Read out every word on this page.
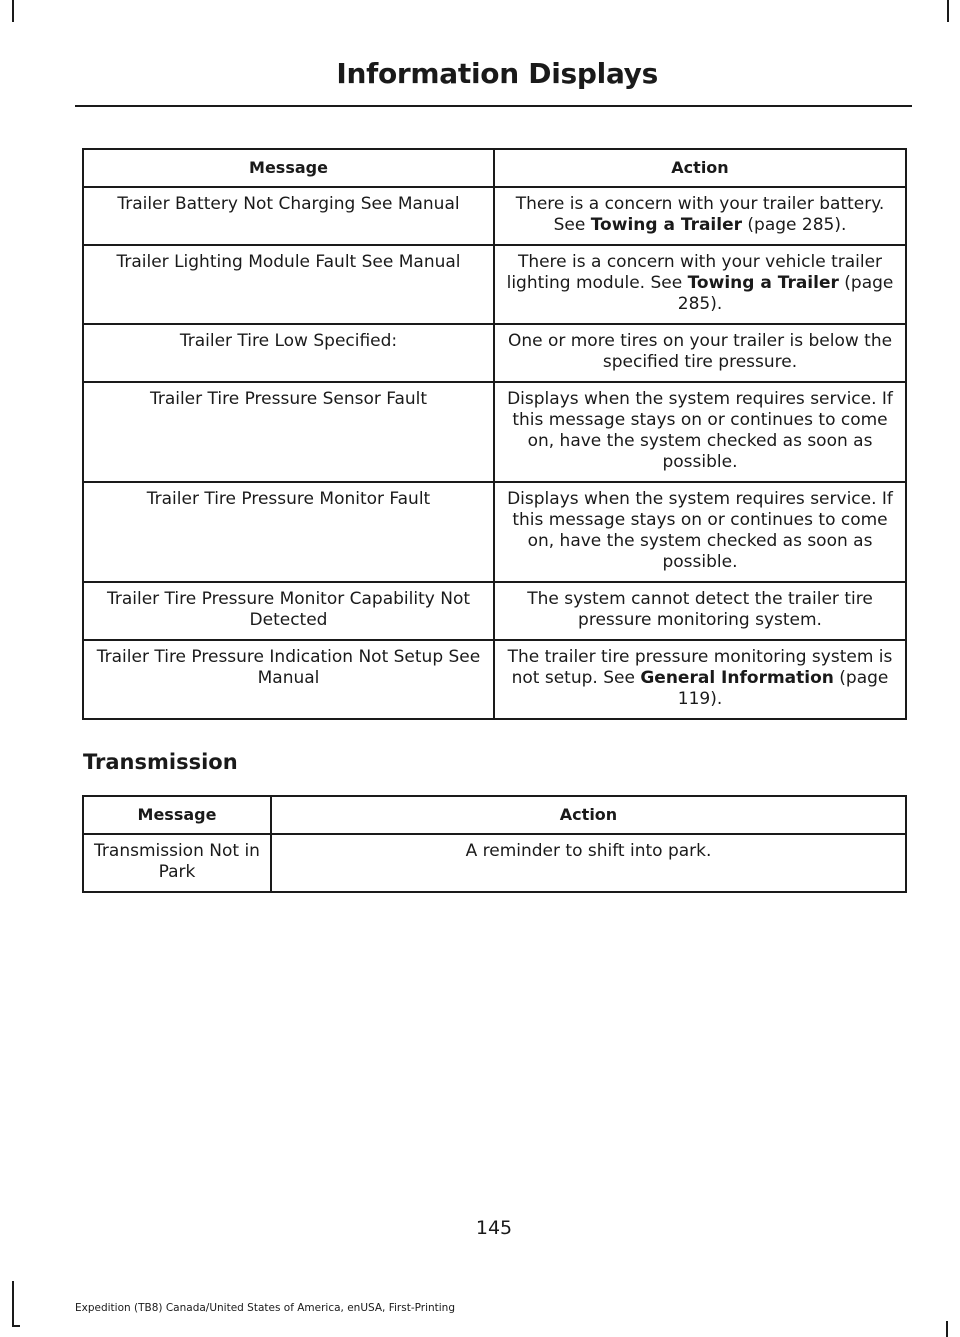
Information Displays
Message	Action
Trailer Battery Not Charging See Manual	There is a concern with your trailer battery. See Towing a Trailer (page 285).
Trailer Lighting Module Fault See Manual	There is a concern with your vehicle trailer lighting module. See Towing a Trailer (page 285).
Trailer Tire Low Specified:	One or more tires on your trailer is below the specified tire pressure.
Trailer Tire Pressure Sensor Fault	Displays when the system requires service. If this message stays on or continues to come on, have the system checked as soon as possible.
Trailer Tire Pressure Monitor Fault	Displays when the system requires service. If this message stays on or continues to come on, have the system checked as soon as possible.
Trailer Tire Pressure Monitor Capability Not Detected	The system cannot detect the trailer tire pressure monitoring system.
Trailer Tire Pressure Indication Not Setup See Manual	The trailer tire pressure monitoring system is not setup. See General Information (page 119).
Transmission
Message	Action
Transmission Not in Park	A reminder to shift into park.
145
Expedition (TB8) Canada/United States of America, enUSA, First-Printing
